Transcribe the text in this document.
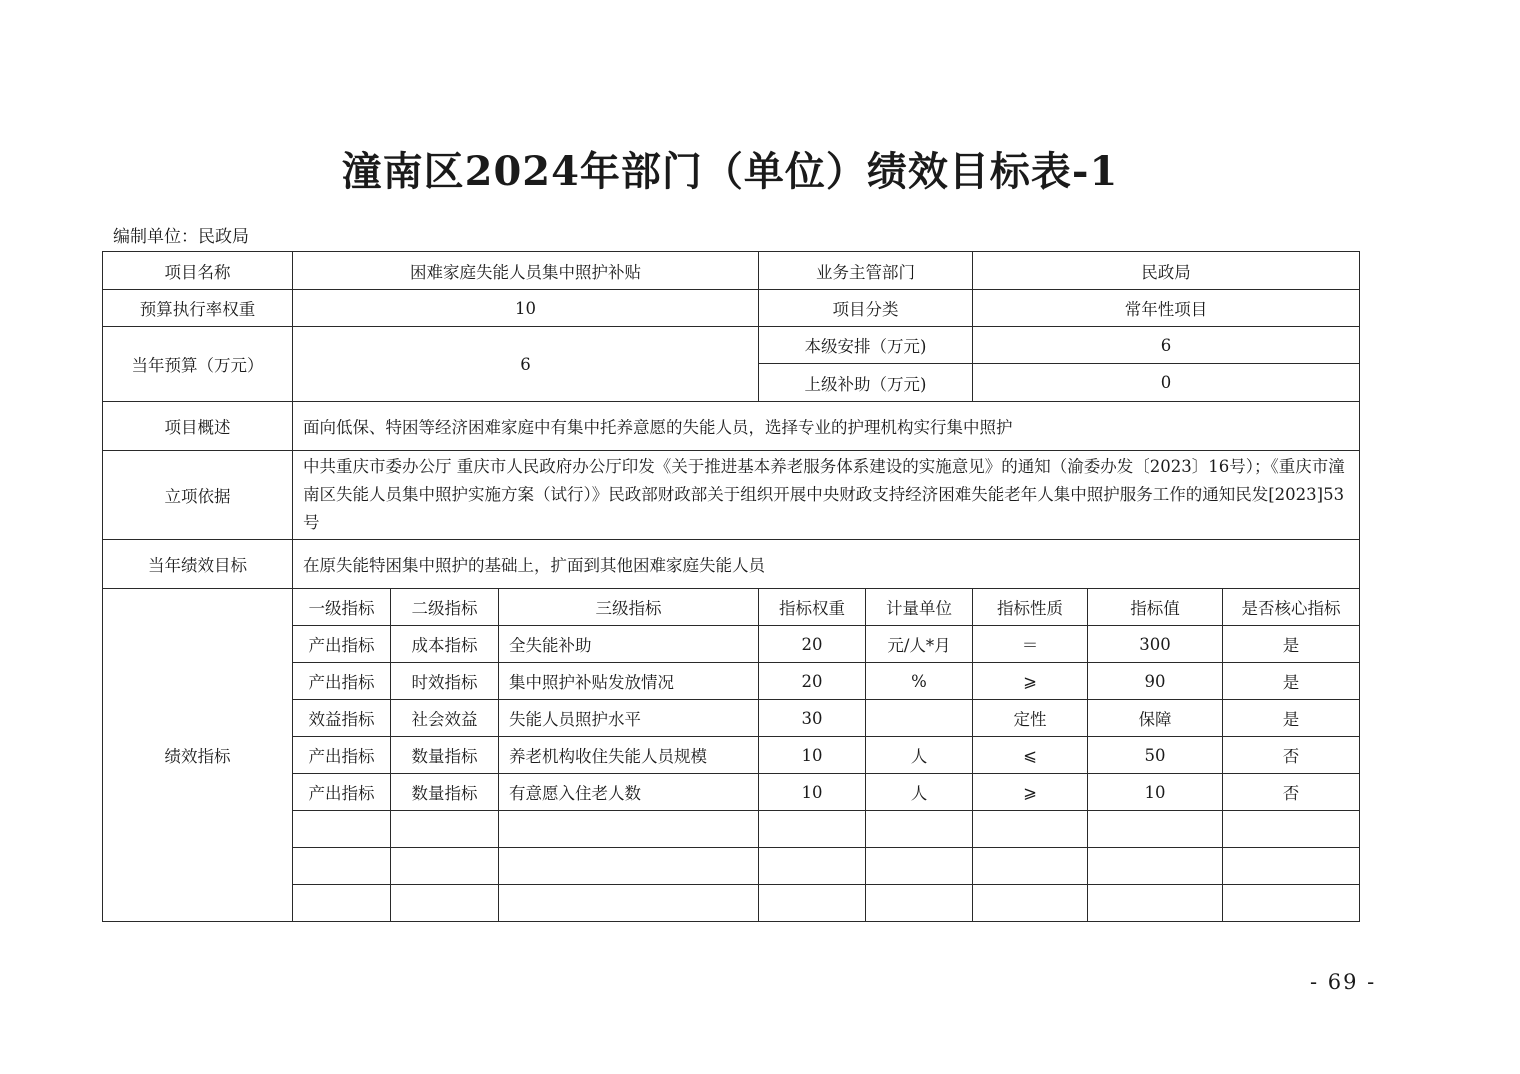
潼南区2024年部门（单位）绩效目标表-1
编制单位：民政局
项目名称	困难家庭失能人员集中照护补贴			业务主管部门		民政局		
预算执行率权重	10			项目分类		常年性项目		
当年预算（万元）	6			本级安排（万元)		6		
				上级补助（万元)		0		
项目概述	面向低保、特困等经济困难家庭中有集中托养意愿的失能人员，选择专业的护理机构实行集中照护							
立项依据	中共重庆市委办公厅 重庆市人民政府办公厅印发《关于推进基本养老服务体系建设的实施意见》的通知（渝委办发〔2023〕16号）；《重庆市潼南区失能人员集中照护实施方案（试行）》民政部财政部关于组织开展中央财政支持经济困难失能老年人集中照护服务工作的通知民发[2023]53号							
当年绩效目标	在原失能特困集中照护的基础上，扩面到其他困难家庭失能人员							
绩效指标	一级指标	二级指标	三级指标	指标权重	计量单位	指标性质	指标值	是否核心指标
	产出指标	成本指标	全失能补助	20	元/人*月	＝	300	是
	产出指标	时效指标	集中照护补贴发放情况	20	%	⩾	90	是
	效益指标	社会效益	失能人员照护水平	30		定性	保障	是
	产出指标	数量指标	养老机构收住失能人员规模	10	人	⩽	50	否
	产出指标	数量指标	有意愿入住老人数	10	人	⩾	10	否

- 69 -
